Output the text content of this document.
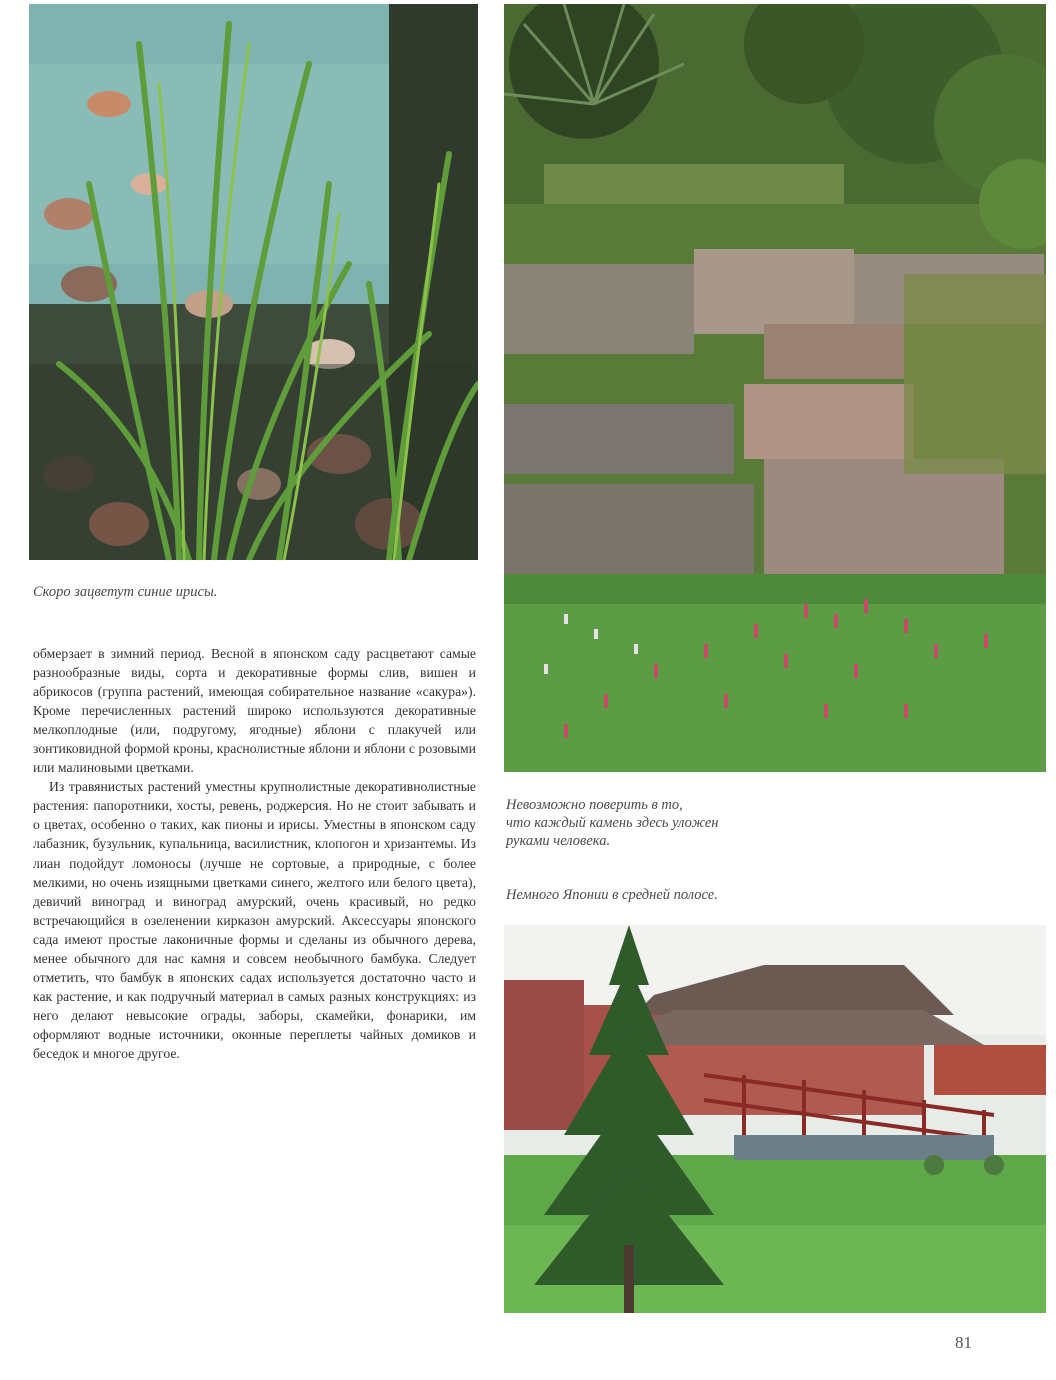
Скоро зацветут синие ирисы.

обмерзает в зимний период. Весной в японском саду расцветают самые разнообразные виды, сорта и декоративные формы слив, вишен и абрикосов (группа растений, имеющая собирательное название «сакура»). Кроме перечисленных растений широко используются декоративные мелкоплодные (или, подругому, ягодные) яблони с плакучей или зонтиковидной формой кроны, краснолистные яблони и яблони с розовыми или малиновыми цветками.

Из травянистых растений уместны крупнолистные декоративнолистные растения: папоротники, хосты, ревень, роджерсия. Но не стоит забывать и о цветах, особенно о таких, как пионы и ирисы. Уместны в японском саду лабазник, бузульник, купальница, василистник, клопогон и хризантемы. Из лиан подойдут ломоносы (лучше не сортовые, а природные, с более мелкими, но очень изящными цветками синего, желтого или белого цвета), девичий виноград и виноград амурский, очень красивый, но редко встречающийся в озеленении кирказон амурский. Аксессуары японского сада имеют простые лаконичные формы и сделаны из обычного дерева, менее обычного для нас камня и совсем необычного бамбука. Следует отметить, что бамбук в японских садах используется достаточно часто и как растение, и как подручный материал в самых разных конструкциях: из него делают невысокие ограды, заборы, скамейки, фонарики, им оформляют водные источники, оконные переплеты чайных домиков и беседок и многое другое.

Невозможно поверить в то,
что каждый камень здесь уложен
руками человека.

Немного Японии в средней полосе.

81
